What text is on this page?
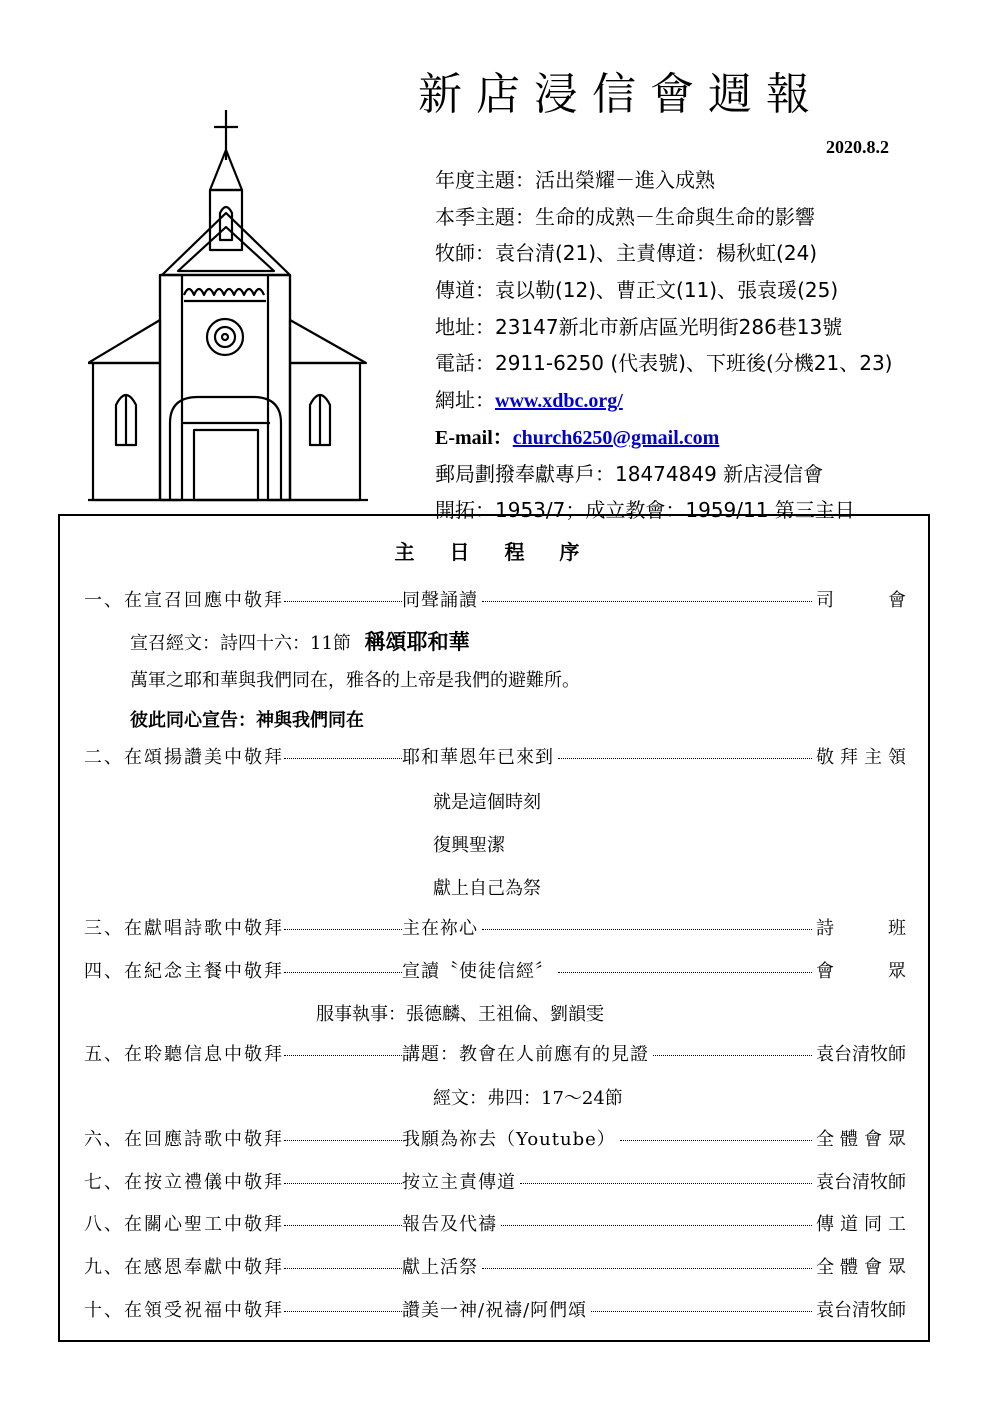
新店浸信會週報
2020.8.2
年度主題：活出榮耀－進入成熟
本季主題：生命的成熟－生命與生命的影響
牧師：袁台清(21)、主責傳道：楊秋虹(24)
傳道：袁以勒(12)、曹正文(11)、張袁瑗(25)
地址：23147新北市新店區光明街286巷13號
電話：2911-6250 (代表號)、下班後(分機21、23)
網址：www.xdbc.org/
E-mail：church6250@gmail.com
郵局劃撥奉獻專戶：18474849 新店浸信會
開拓：1953/7；成立教會：1959/11 第三主日
主 日 程 序
一、在宣召回應中敬拜	同聲誦讀	司會
宣召經文：詩四十六：11節 稱頌耶和華
萬軍之耶和華與我們同在，雅各的上帝是我們的避難所。
彼此同心宣告：神與我們同在
二、在頌揚讚美中敬拜	耶和華恩年已來到	敬拜主領
就是這個時刻
復興聖潔
獻上自己為祭
三、在獻唱詩歌中敬拜	主在祢心	詩班
四、在紀念主餐中敬拜	宣讀〝使徒信經〞	會眾
服事執事：張德麟、王祖倫、劉韻雯
五、在聆聽信息中敬拜	講題：教會在人前應有的見證	袁台清牧師
經文：弗四：17～24節
六、在回應詩歌中敬拜	我願為祢去（Youtube）	全體會眾
七、在按立禮儀中敬拜	按立主責傳道	袁台清牧師
八、在關心聖工中敬拜	報告及代禱	傳道同工
九、在感恩奉獻中敬拜	獻上活祭	全體會眾
十、在領受祝福中敬拜	讚美一神/祝禱/阿們頌	袁台清牧師
